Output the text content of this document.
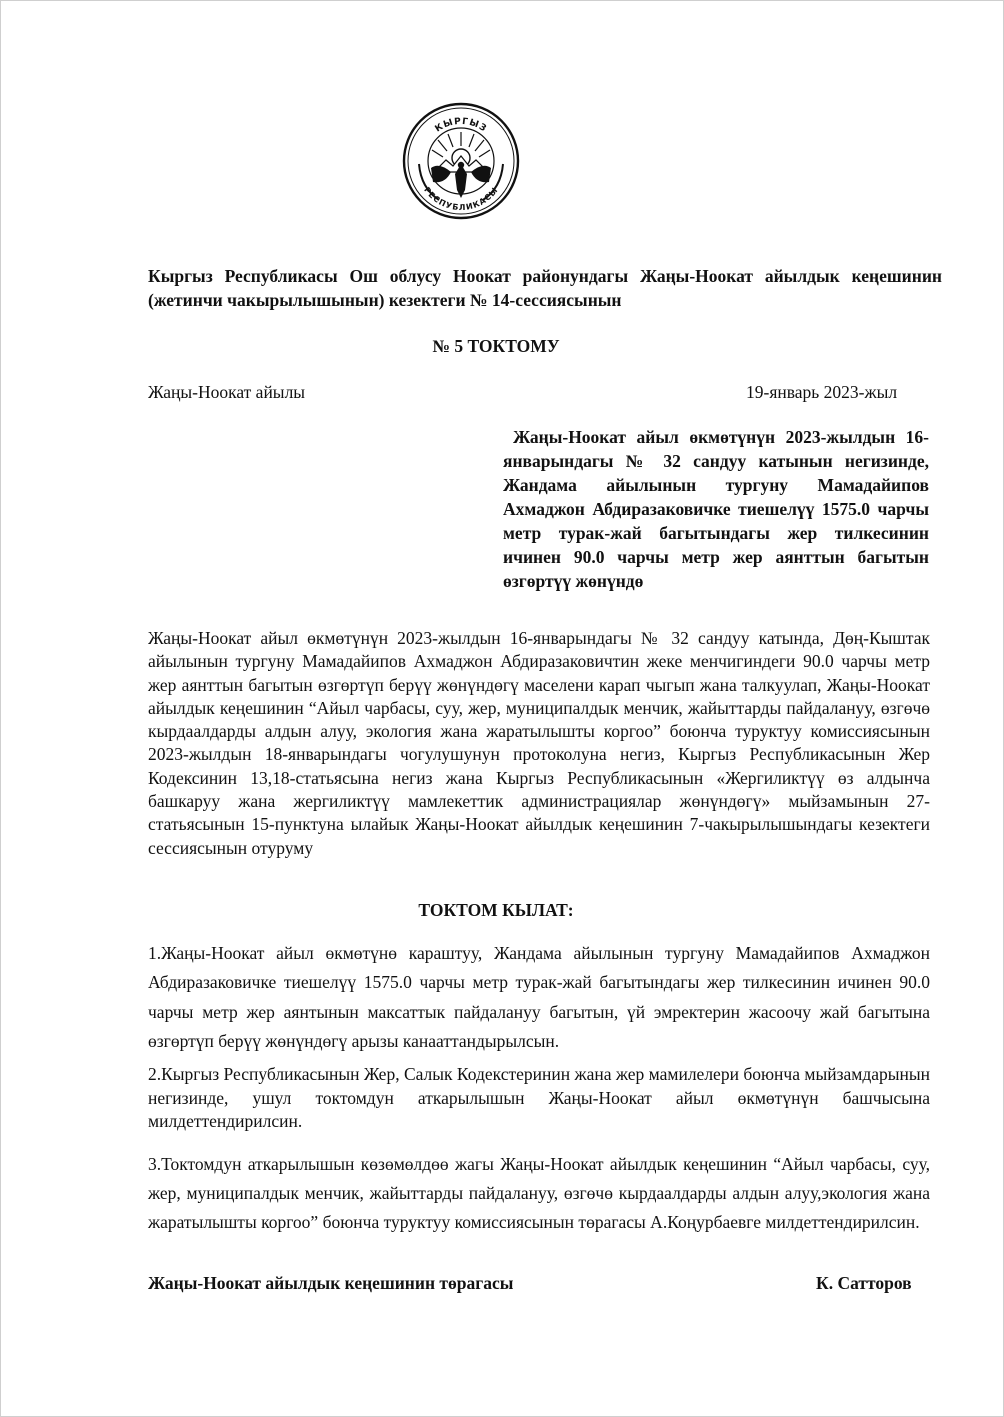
КЫРГЫЗ
РЕСПУБЛИКАСЫ

Кыргыз Республикасы Ош облусу Ноокат районундагы Жаңы-Ноокат айылдык кеңешинин (жетинчи чакырылышынын) кезектеги № 14-сессиясынын

№ 5 ТОКТОМУ

Жаңы-Ноокат айылы	19-январь 2023-жыл

Жаңы-Ноокат айыл өкмөтүнүн 2023-жылдын 16-январындагы № 32 сандуу катынын негизинде, Жандама айылынын тургуну Мамадайипов Ахмаджон Абдиразаковичке тиешелүү 1575.0 чарчы метр турак-жай багытындагы жер тилкесинин ичинен 90.0 чарчы метр жер аянттын багытын өзгөртүү жөнүндө

Жаңы-Ноокат айыл өкмөтүнүн 2023-жылдын 16-январындагы № 32 сандуу катында, Дөң-Кыштак айылынын тургуну Мамадайипов Ахмаджон Абдиразаковичтин жеке менчигиндеги 90.0 чарчы метр жер аянттын багытын өзгөртүп берүү жөнүндөгү маселени карап чыгып жана талкуулап, Жаңы-Ноокат айылдык кеңешинин “Айыл чарбасы, суу, жер, муниципалдык менчик, жайыттарды пайдалануу, өзгөчө кырдаалдарды алдын алуу, экология жана жаратылышты коргоо” боюнча туруктуу комиссиясынын 2023-жылдын 18-январындагы чогулушунун протоколуна негиз, Кыргыз Республикасынын Жер Кодексинин 13,18-статьясына негиз жана Кыргыз Республикасынын «Жергиликтүү өз алдынча башкаруу жана жергиликтүү мамлекеттик администрациялар жөнүндөгү» мыйзамынын 27-статьясынын 15-пунктуна ылайык Жаңы-Ноокат айылдык кеңешинин 7-чакырылышындагы кезектеги сессиясынын отуруму

ТОКТОМ КЫЛАТ:

1.Жаңы-Ноокат айыл өкмөтүнө караштуу, Жандама айылынын тургуну Мамадайипов Ахмаджон Абдиразаковичке тиешелүү 1575.0 чарчы метр турак-жай багытындагы жер тилкесинин ичинен 90.0 чарчы метр жер аянтынын максаттык пайдалануу багытын, үй эмректерин жасоочу жай багытына өзгөртүп берүү жөнүндөгү арызы канааттандырылсын.

2.Кыргыз Республикасынын Жер, Салык Кодекстеринин жана жер мамилелери боюнча мыйзамдарынын негизинде, ушул токтомдун аткарылышын Жаңы-Ноокат айыл өкмөтүнүн башчысына милдеттендирилсин.

3.Токтомдун аткарылышын көзөмөлдөө жагы Жаңы-Ноокат айылдык кеңешинин “Айыл чарбасы, суу, жер, муниципалдык менчик, жайыттарды пайдалануу, өзгөчө кырдаалдарды алдын алуу,экология жана жаратылышты коргоо” боюнча туруктуу комиссиясынын төрагасы А.Коңурбаевге милдеттендирилсин.

Жаңы-Ноокат айылдык кеңешинин төрагасы	К. Сатторов
